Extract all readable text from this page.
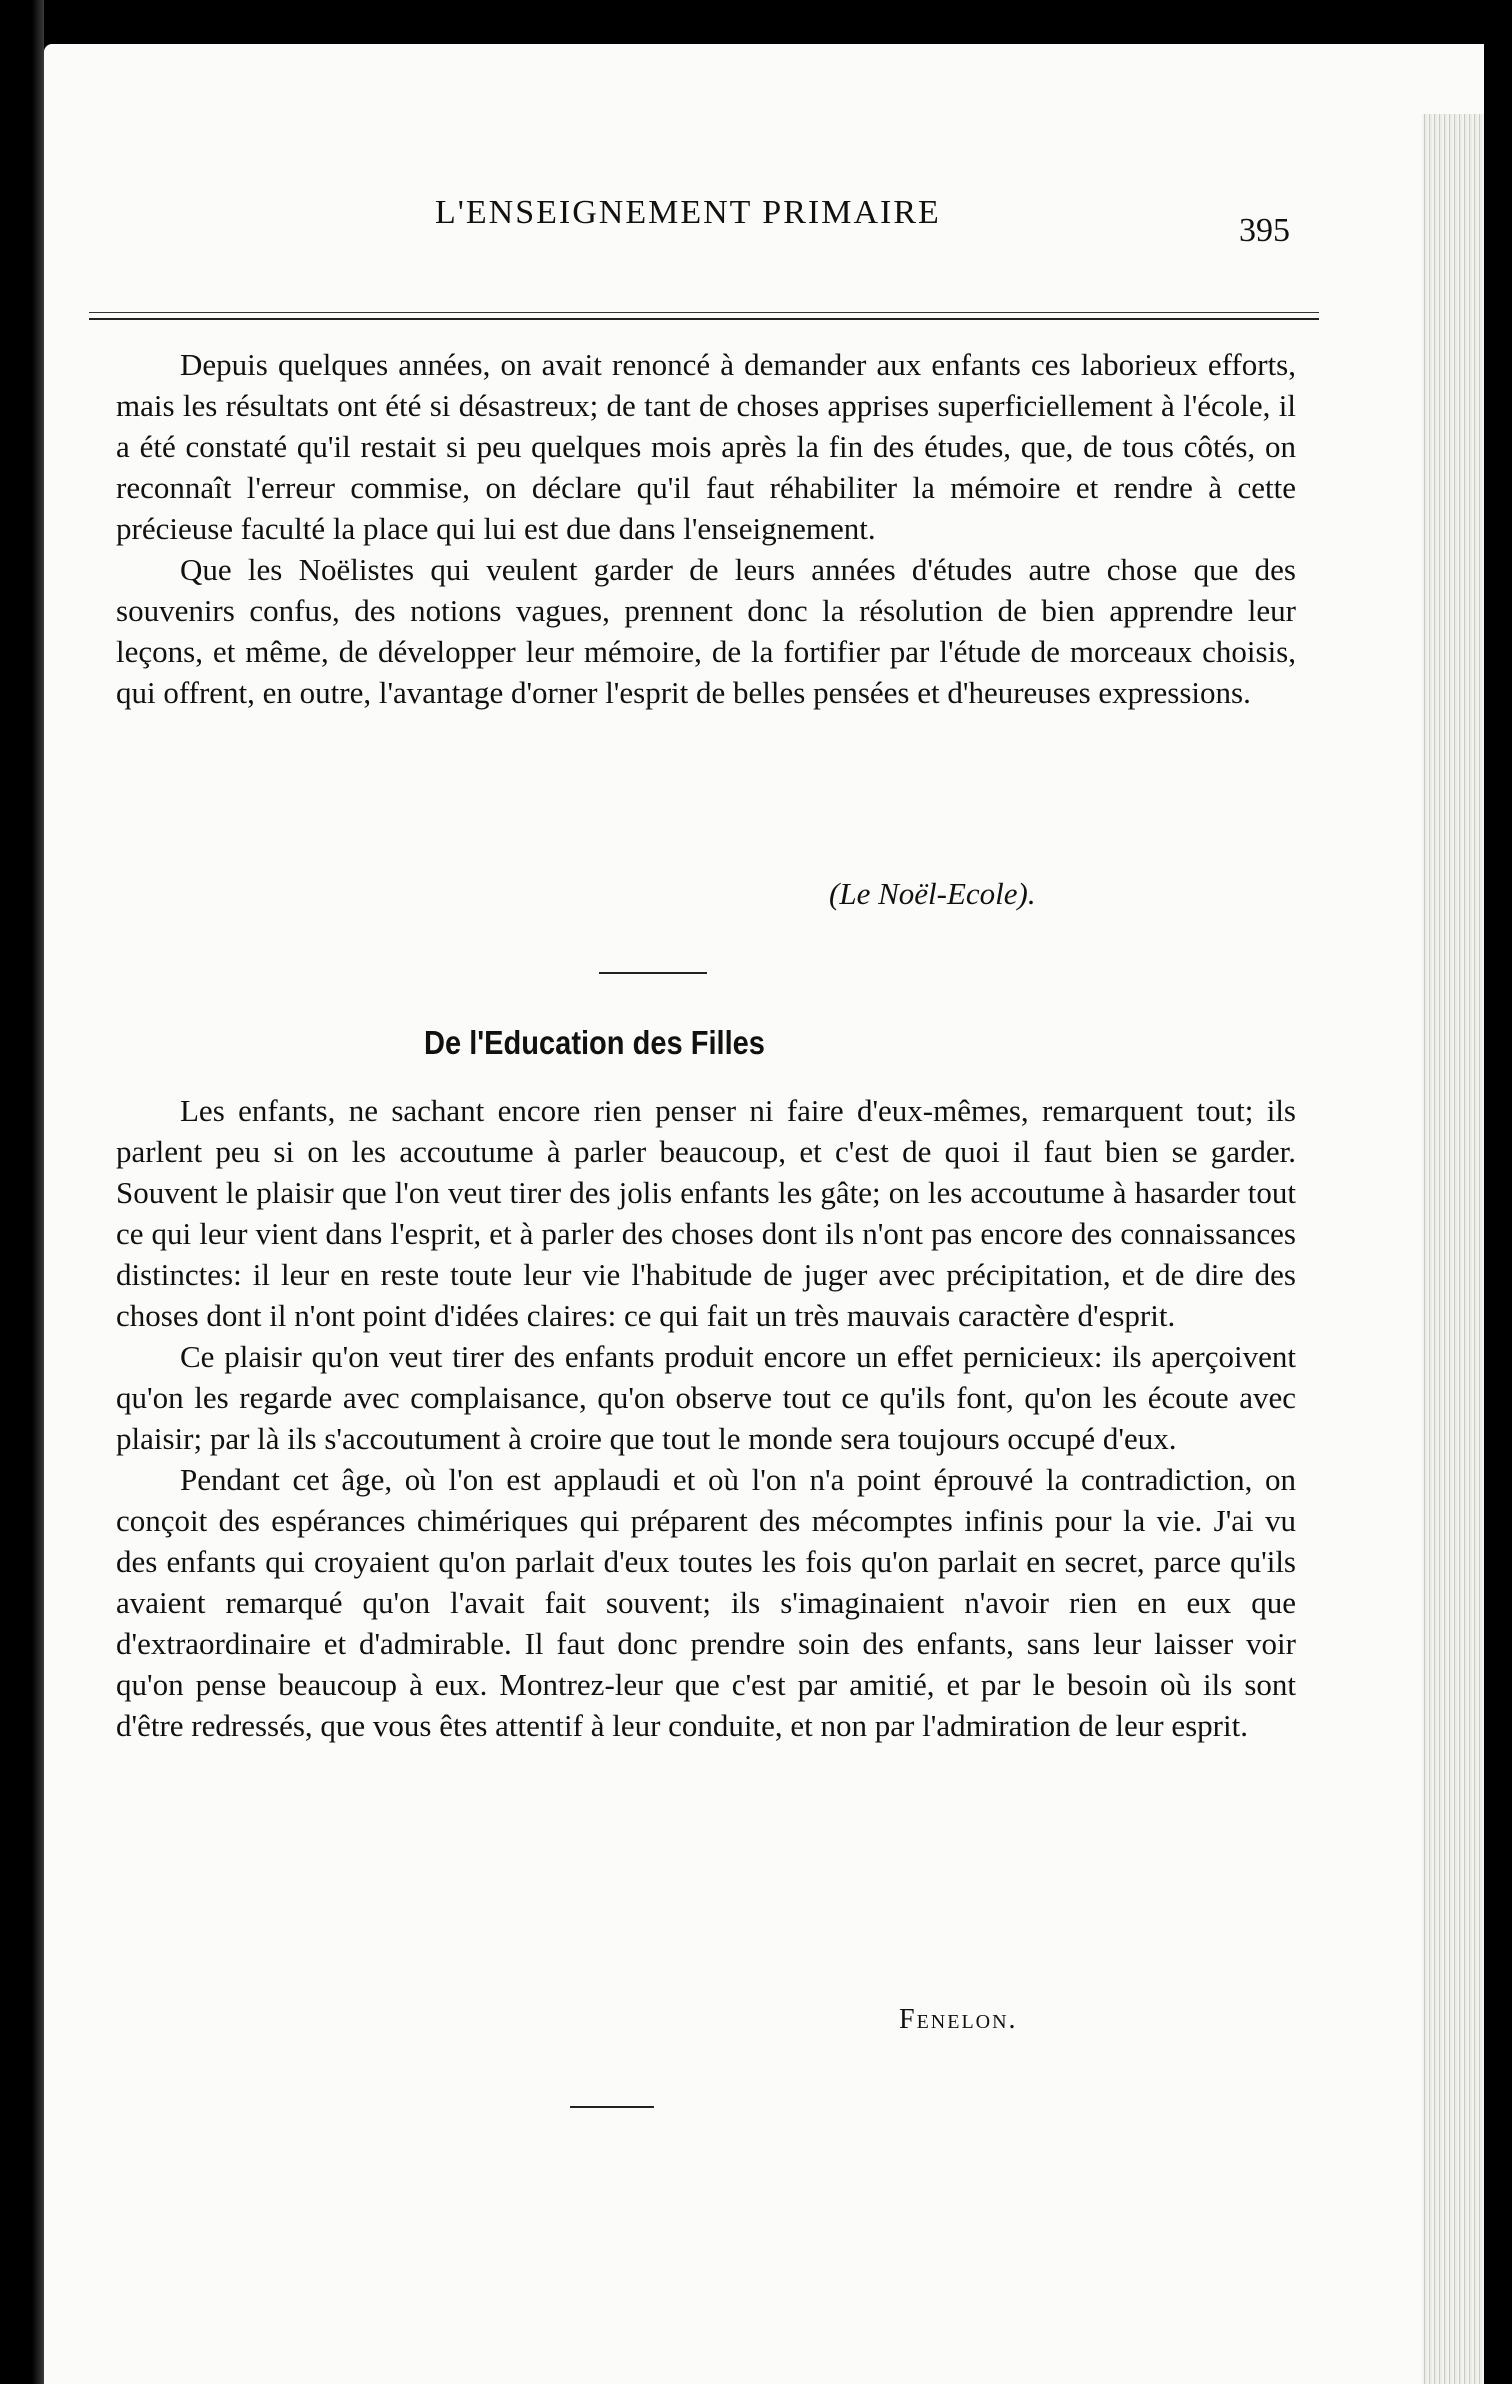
L'ENSEIGNEMENT PRIMAIRE	395

Depuis quelques années, on avait renoncé à demander aux enfants ces laborieux efforts, mais les résultats ont été si désastreux; de tant de choses apprises superficiellement à l'école, il a été constaté qu'il restait si peu quelques mois après la fin des études, que, de tous côtés, on reconnaît l'erreur commise, on déclare qu'il faut réhabiliter la mémoire et rendre à cette précieuse faculté la place qui lui est due dans l'enseignement.

Que les Noëlistes qui veulent garder de leurs années d'études autre chose que des souvenirs confus, des notions vagues, prennent donc la résolution de bien apprendre leur leçons, et même, de développer leur mémoire, de la fortifier par l'étude de morceaux choisis, qui offrent, en outre, l'avantage d'orner l'esprit de belles pensées et d'heureuses expressions.

(Le Noël-Ecole).
De l'Education des Filles

Les enfants, ne sachant encore rien penser ni faire d'eux-mêmes, remarquent tout; ils parlent peu si on les accoutume à parler beaucoup, et c'est de quoi il faut bien se garder. Souvent le plaisir que l'on veut tirer des jolis enfants les gâte; on les accoutume à hasarder tout ce qui leur vient dans l'esprit, et à parler des choses dont ils n'ont pas encore des connaissances distinctes: il leur en reste toute leur vie l'habitude de juger avec précipitation, et de dire des choses dont il n'ont point d'idées claires: ce qui fait un très mauvais caractère d'esprit.

Ce plaisir qu'on veut tirer des enfants produit encore un effet pernicieux: ils aperçoivent qu'on les regarde avec complaisance, qu'on observe tout ce qu'ils font, qu'on les écoute avec plaisir; par là ils s'accoutument à croire que tout le monde sera toujours occupé d'eux.

Pendant cet âge, où l'on est applaudi et où l'on n'a point éprouvé la contradiction, on conçoit des espérances chimériques qui préparent des mécomptes infinis pour la vie. J'ai vu des enfants qui croyaient qu'on parlait d'eux toutes les fois qu'on parlait en secret, parce qu'ils avaient remarqué qu'on l'avait fait souvent; ils s'imaginaient n'avoir rien en eux que d'extraordinaire et d'admirable. Il faut donc prendre soin des enfants, sans leur laisser voir qu'on pense beaucoup à eux. Montrez-leur que c'est par amitié, et par le besoin où ils sont d'être redressés, que vous êtes attentif à leur conduite, et non par l'admiration de leur esprit.

Fenelon.
